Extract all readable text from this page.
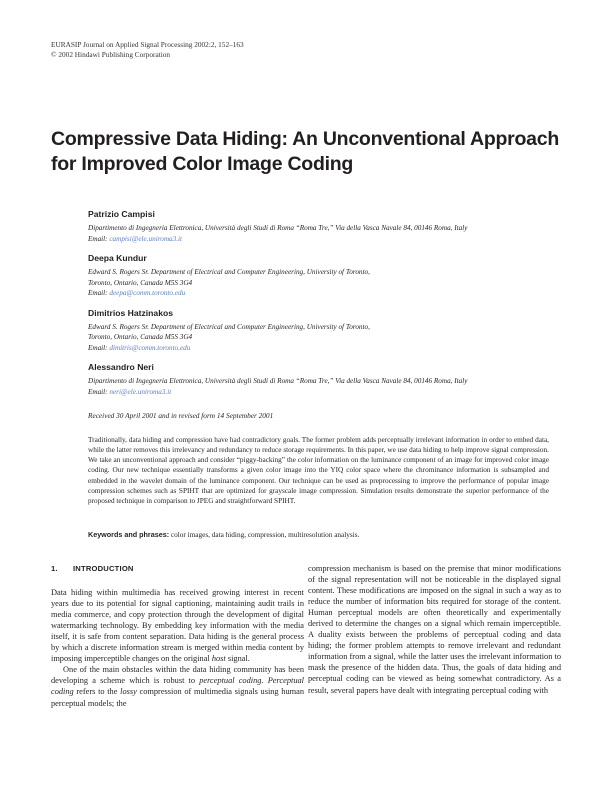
EURASIP Journal on Applied Signal Processing 2002:2, 152–163
© 2002 Hindawi Publishing Corporation
Compressive Data Hiding: An Unconventional Approach
for Improved Color Image Coding
Patrizio Campisi
Dipartimento di Ingegneria Elettronica, Università degli Studi di Roma “Roma Tre,” Via della Vasca Navale 84, 00146 Roma, Italy
Email: campisi@ele.uniroma3.it
Deepa Kundur
Edward S. Rogers Sr. Department of Electrical and Computer Engineering, University of Toronto,
Toronto, Ontario, Canada M5S 3G4
Email: deepa@comm.toronto.edu
Dimitrios Hatzinakos
Edward S. Rogers Sr. Department of Electrical and Computer Engineering, University of Toronto,
Toronto, Ontario, Canada M5S 3G4
Email: dimitris@comm.toronto.edu
Alessandro Neri
Dipartimento di Ingegneria Elettronica, Università degli Studi di Roma “Roma Tre,” Via della Vasca Navale 84, 00146 Roma, Italy
Email: neri@ele.uniroma3.it
Received 30 April 2001 and in revised form 14 September 2001
Traditionally, data hiding and compression have had contradictory goals. The former problem adds perceptually irrelevant information in order to embed data, while the latter removes this irrelevancy and redundancy to reduce storage requirements. In this paper, we use data hiding to help improve signal compression. We take an unconventional approach and consider “piggy-backing” the color information on the luminance component of an image for improved color image coding. Our new technique essentially transforms a given color image into the YIQ color space where the chrominance information is subsampled and embedded in the wavelet domain of the luminance component. Our technique can be used as preprocessing to improve the performance of popular image compression schemes such as SPIHT that are optimized for grayscale image compression. Simulation results demonstrate the superior performance of the proposed technique in comparison to JPEG and straightforward SPIHT.
Keywords and phrases: color images, data hiding, compression, multiresolution analysis.
1. INTRODUCTION

Data hiding within multimedia has received growing interest in recent years due to its potential for signal captioning, maintaining audit trails in media commerce, and copy protection through the development of digital watermarking technology. By embedding key information with the media itself, it is safe from content separation. Data hiding is the general process by which a discrete information stream is merged within media content by imposing imperceptible changes on the original host signal.

One of the main obstacles within the data hiding community has been developing a scheme which is robust to perceptual coding. Perceptual coding refers to the lossy compression of multimedia signals using human perceptual models; the

compression mechanism is based on the premise that minor modifications of the signal representation will not be noticeable in the displayed signal content. These modifications are imposed on the signal in such a way as to reduce the number of information bits required for storage of the content. Human perceptual models are often theoretically and experimentally derived to determine the changes on a signal which remain imperceptible. A duality exists between the problems of perceptual coding and data hiding; the former problem attempts to remove irrelevant and redundant information from a signal, while the latter uses the irrelevant information to mask the presence of the hidden data. Thus, the goals of data hiding and perceptual coding can be viewed as being somewhat contradictory. As a result, several papers have dealt with integrating perceptual coding with
